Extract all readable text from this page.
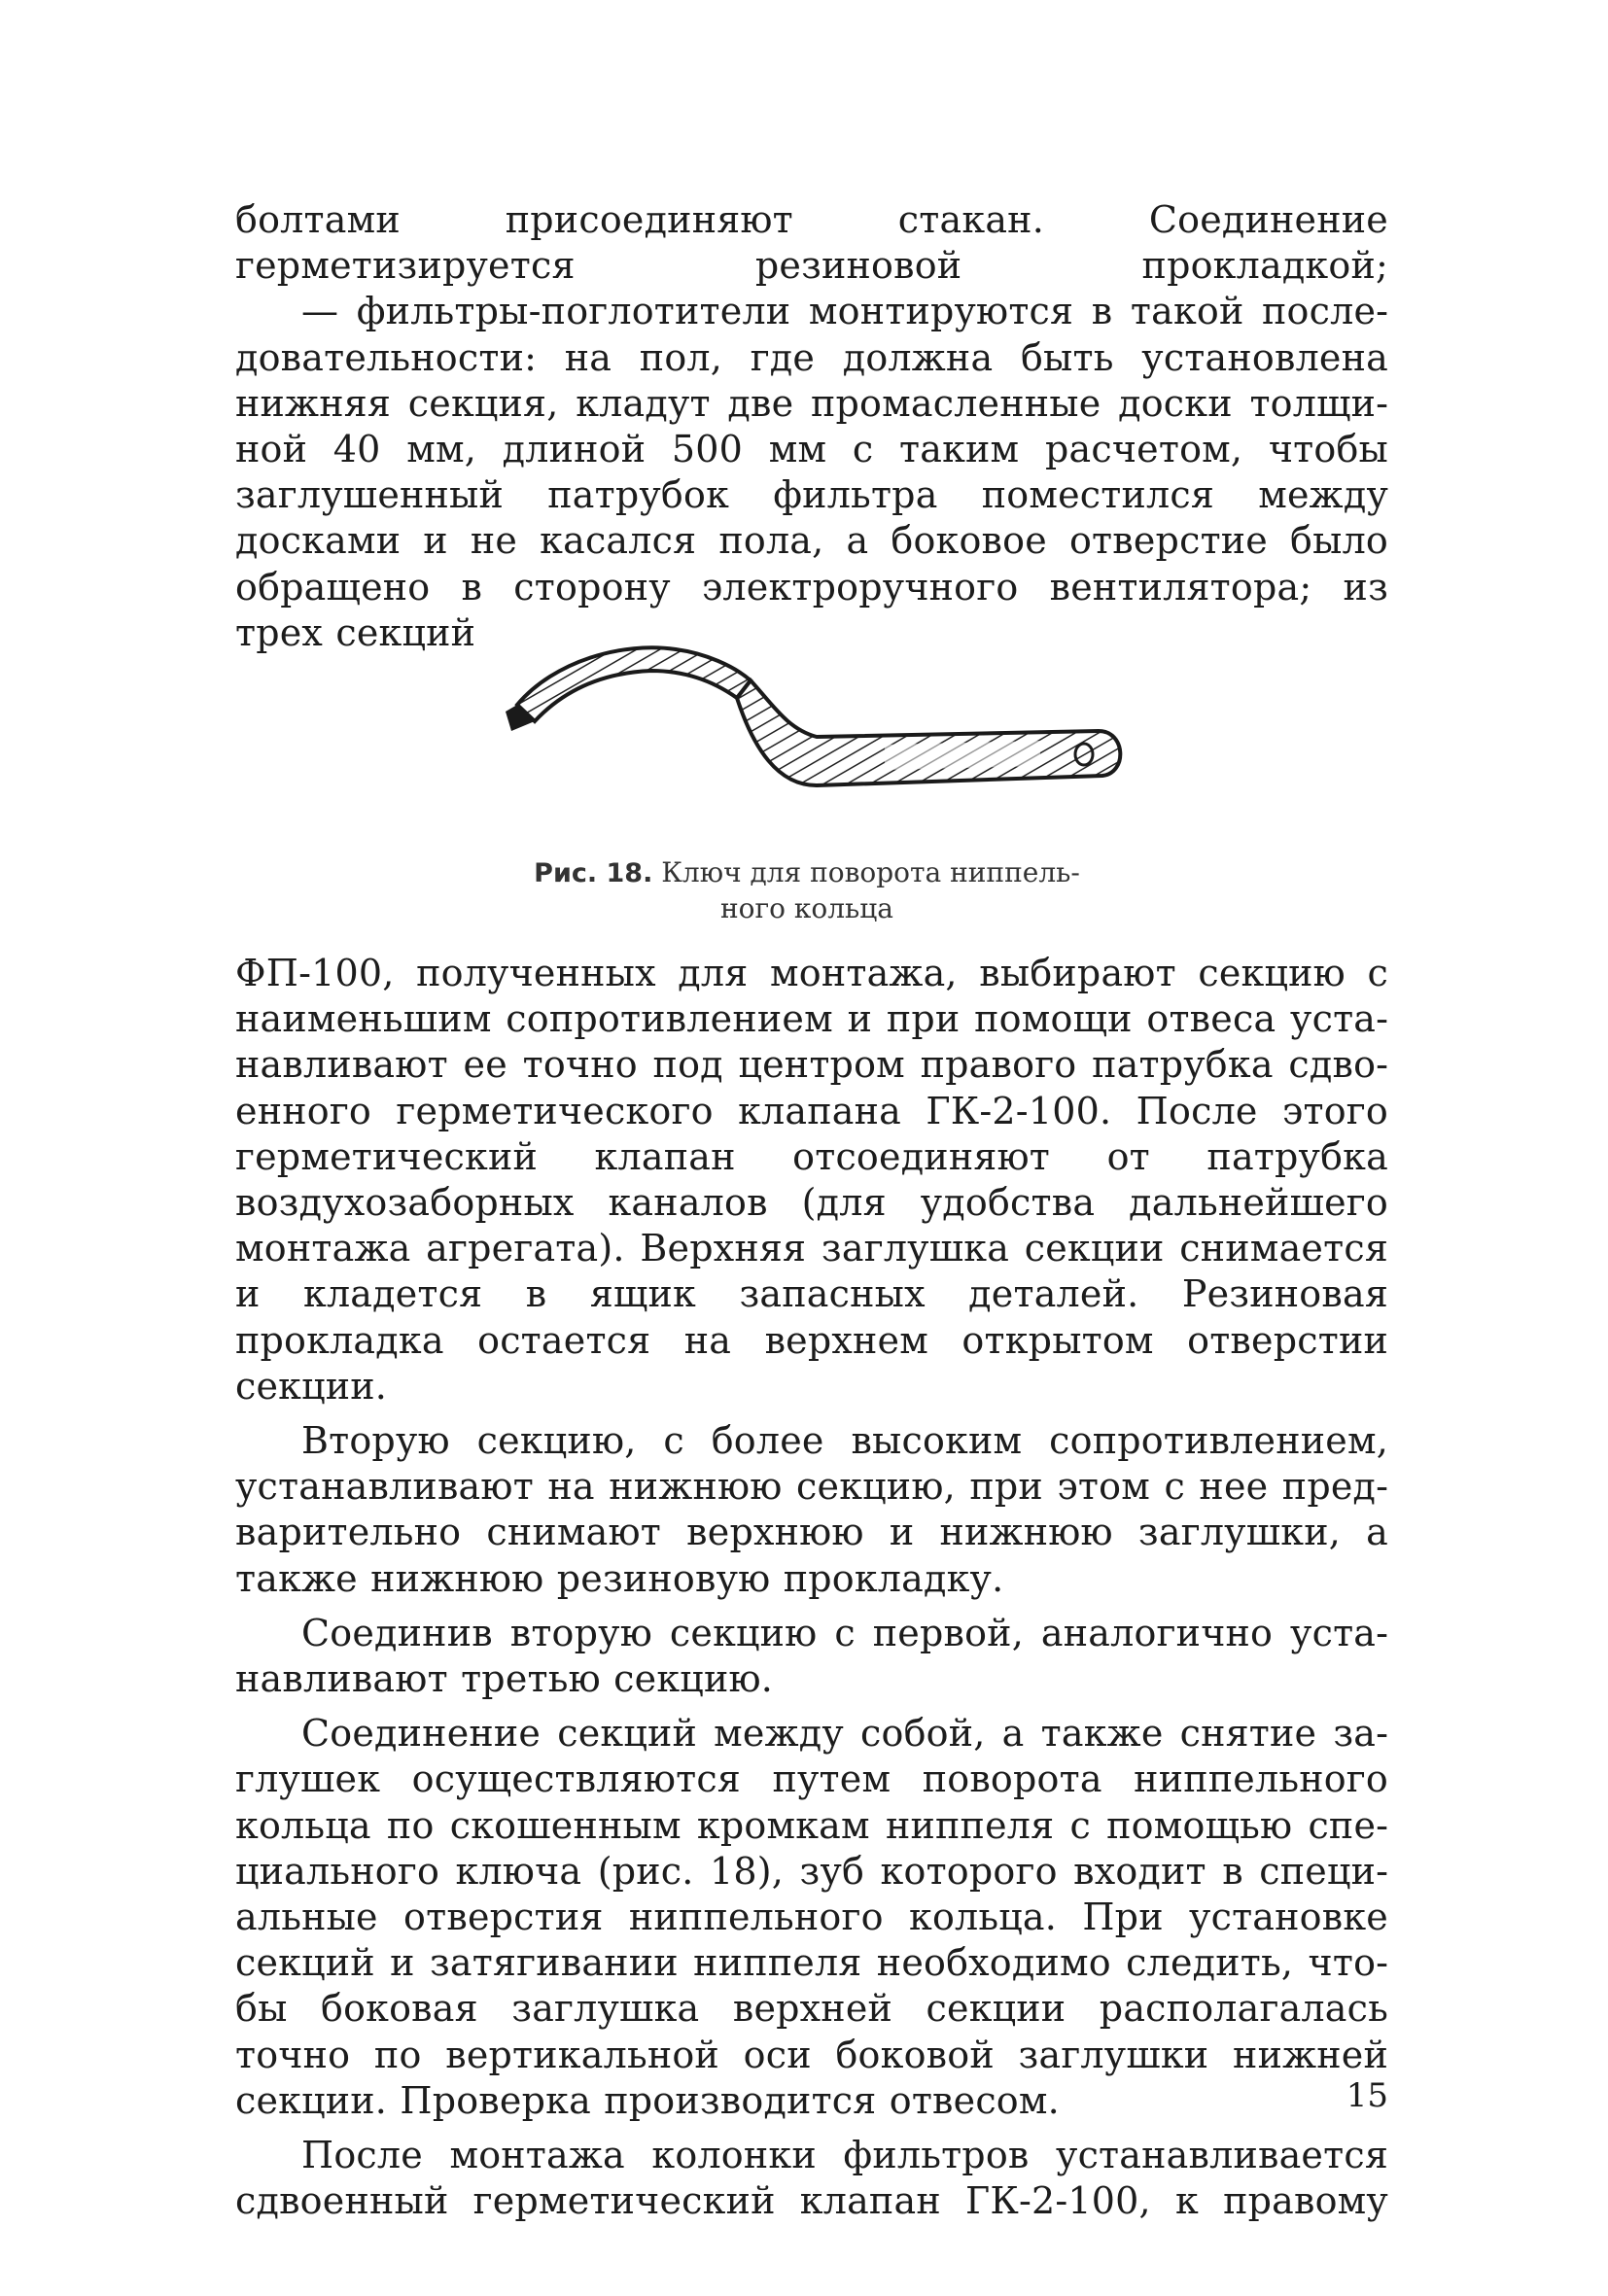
болтами присоединяют стакан. Соединение герметизируется резиновой прокладкой;

— фильтры-поглотители монтируются в такой последовательности: на пол, где должна быть установлена нижняя секция, кладут две промасленные доски толщиной 40 мм, длиной 500 мм с таким расчетом, чтобы заглушенный патрубок фильтра поместился между досками и не касался пола, а боковое отверстие было обращено в сторону электроручного вентилятора; из трех секций

Рис. 18. Ключ для поворота ниппель-
ного кольца

ФП-100, полученных для монтажа, выбирают секцию с наименьшим сопротивлением и при помощи отвеса устанавливают ее точно под центром правого патрубка сдвоенного герметического клапана ГК-2-100. После этого герметический клапан отсоединяют от патрубка воздухозаборных каналов (для удобства дальнейшего монтажа агрегата). Верхняя заглушка секции снимается и кладется в ящик запасных деталей. Резиновая прокладка остается на верхнем открытом отверстии секции.

Вторую секцию, с более высоким сопротивлением, устанавливают на нижнюю секцию, при этом с нее предварительно снимают верхнюю и нижнюю заглушки, а также нижнюю резиновую прокладку.

Соединив вторую секцию с первой, аналогично устанавливают третью секцию.

Соединение секций между собой, а также снятие заглушек осуществляются путем поворота ниппельного кольца по скошенным кромкам ниппеля с помощью специального ключа (рис. 18), зуб которого входит в специальные отверстия ниппельного кольца. При установке секций и затягивании ниппеля необходимо следить, чтобы боковая заглушка верхней секции располагалась точно по вертикальной оси боковой заглушки нижней секции. Проверка производится отвесом.

После монтажа колонки фильтров устанавливается сдвоенный герметический клапан ГК-2-100, к правому

15
